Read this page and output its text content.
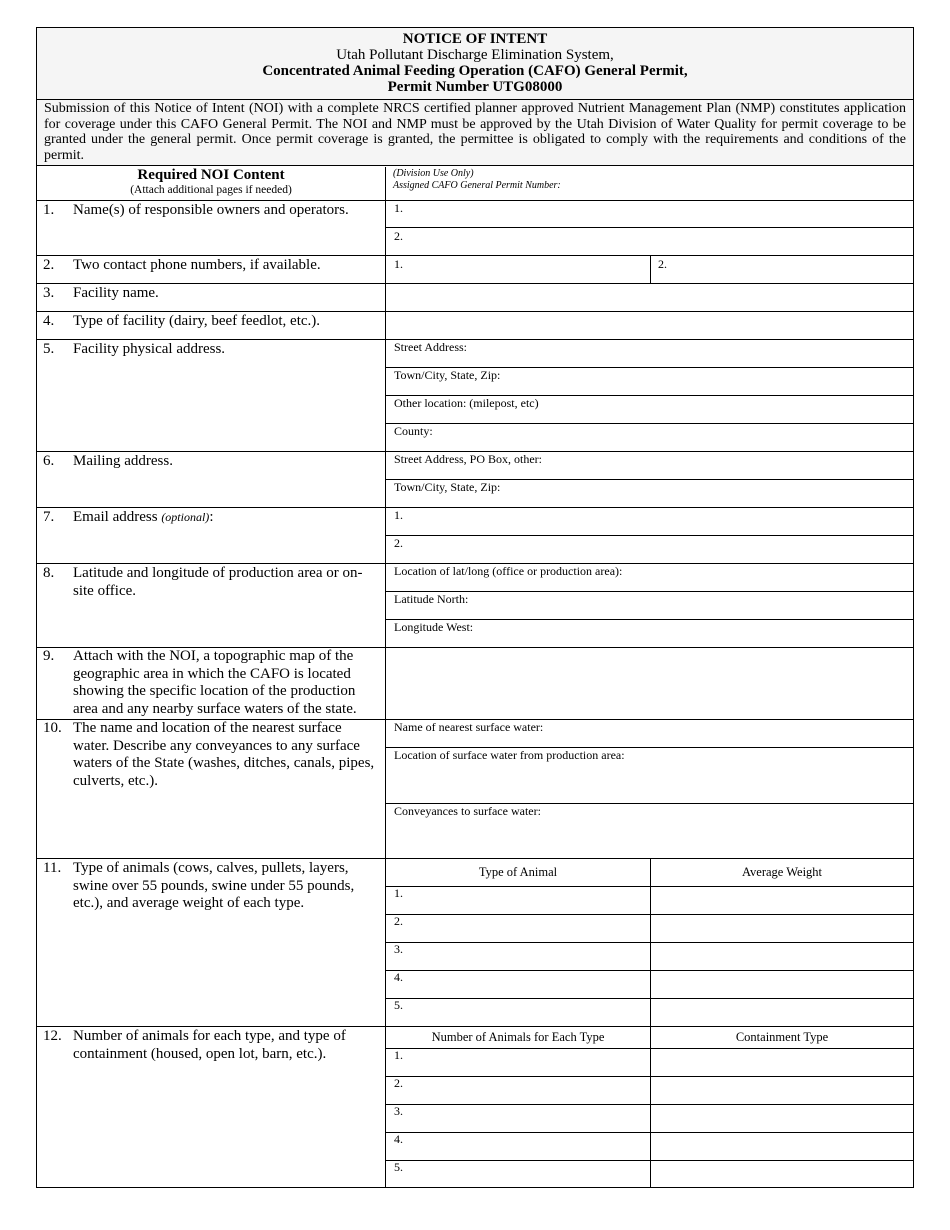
NOTICE OF INTENT
Utah Pollutant Discharge Elimination System,
Concentrated Animal Feeding Operation (CAFO) General Permit,
Permit Number UTG08000
Submission of this Notice of Intent (NOI) with a complete NRCS certified planner approved Nutrient Management Plan (NMP) constitutes application for coverage under this CAFO General Permit. The NOI and NMP must be approved by the Utah Division of Water Quality for permit coverage to be granted under the general permit. Once permit coverage is granted, the permittee is obligated to comply with the requirements and conditions of the permit.
Required NOI Content
(Attach additional pages if needed)
(Division Use Only)
Assigned CAFO General Permit Number:
1.	Name(s) of responsible owners and operators.	1.
2.
2.	Two contact phone numbers, if available.	1.	2.
3.	Facility name.
4.	Type of facility (dairy, beef feedlot, etc.).
5.	Facility physical address.	Street Address:
Town/City, State, Zip:
Other location: (milepost, etc)
County:
6.	Mailing address.	Street Address, PO Box, other:
Town/City, State, Zip:
7.	Email address (optional):	1.
2.
8.	Latitude and longitude of production area or on-site office.
Location of lat/long (office or production area):
Latitude North:
Longitude West:
9.	Attach with the NOI, a topographic map of the geographic area in which the CAFO is located showing the specific location of the production area and any nearby surface waters of the state.
10. The name and location of the nearest surface water. Describe any conveyances to any surface waters of the State (washes, ditches, canals, pipes, culverts, etc.).
Name of nearest surface water:
Location of surface water from production area:
Conveyances to surface water:
11. Type of animals (cows, calves, pullets, layers, swine over 55 pounds, swine under 55 pounds, etc.), and average weight of each type.
Type of Animal	Average Weight
1.
2.
3.
4.
5.
12. Number of animals for each type, and type of containment (housed, open lot, barn, etc.).
Number of Animals for Each Type	Containment Type
1.
2.
3.
4.
5.
